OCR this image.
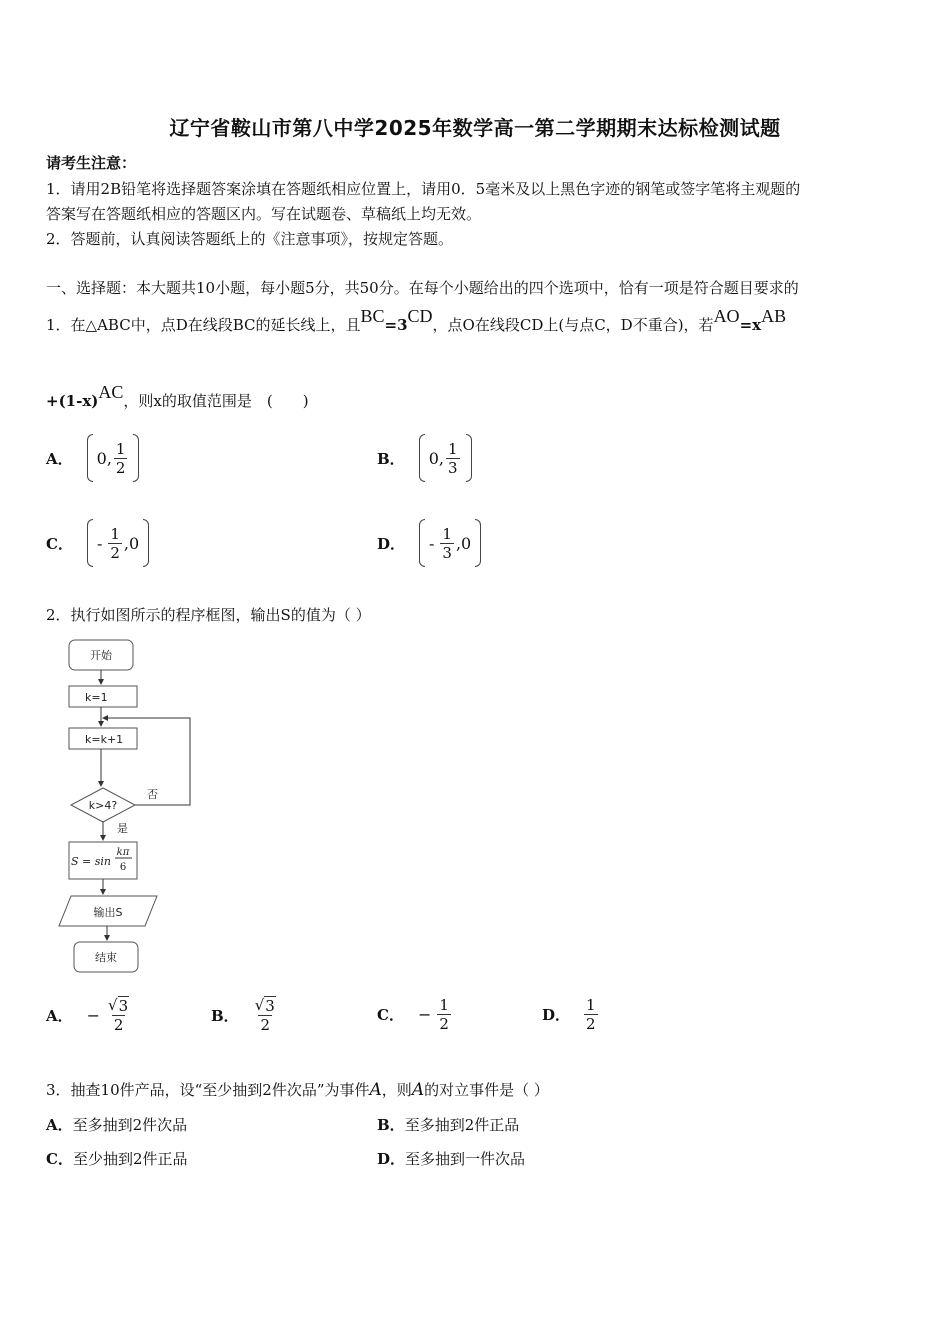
辽宁省鞍山市第八中学2025年数学高一第二学期期末达标检测试题
请考生注意：
1．请用2B铅笔将选择题答案涂填在答题纸相应位置上，请用0．5毫米及以上黑色字迹的钢笔或签字笔将主观题的
答案写在答题纸相应的答题区内。写在试题卷、草稿纸上均无效。
2．答题前，认真阅读答题纸上的《注意事项》，按规定答题。
一、选择题：本大题共10小题，每小题5分，共50分。在每个小题给出的四个选项中，恰有一项是符合题目要求的
1．在△ABC中，点D在线段BC的延长线上，且BC=3CD，点O在线段CD上(与点C，D不重合)，若AO=xAB
+(1-x)AC，则x的取值范围是　(　　)
A． 0, $\frac{1}{2}$	B． 0, $\frac{1}{3}$
C． - $\frac{1}{2} ,0$	D． - $\frac{1}{3} ,0$
2．执行如图所示的程序框图，输出S的值为（ ）
开始
k=1
k=k+1
k>4?
否
是
S = sin
kπ
6
输出S
结束
A． − $\frac{√ 3}{2}$	B． $\frac{√ 3}{2}$	C． − $\frac{1}{2}$	D． $\frac{1}{2}$
3．抽查10件产品，设“至少抽到2件次品”为事件A，则A的对立事件是（ ）
A．至多抽到2件次品	B．至多抽到2件正品
C．至少抽到2件正品	D．至多抽到一件次品
